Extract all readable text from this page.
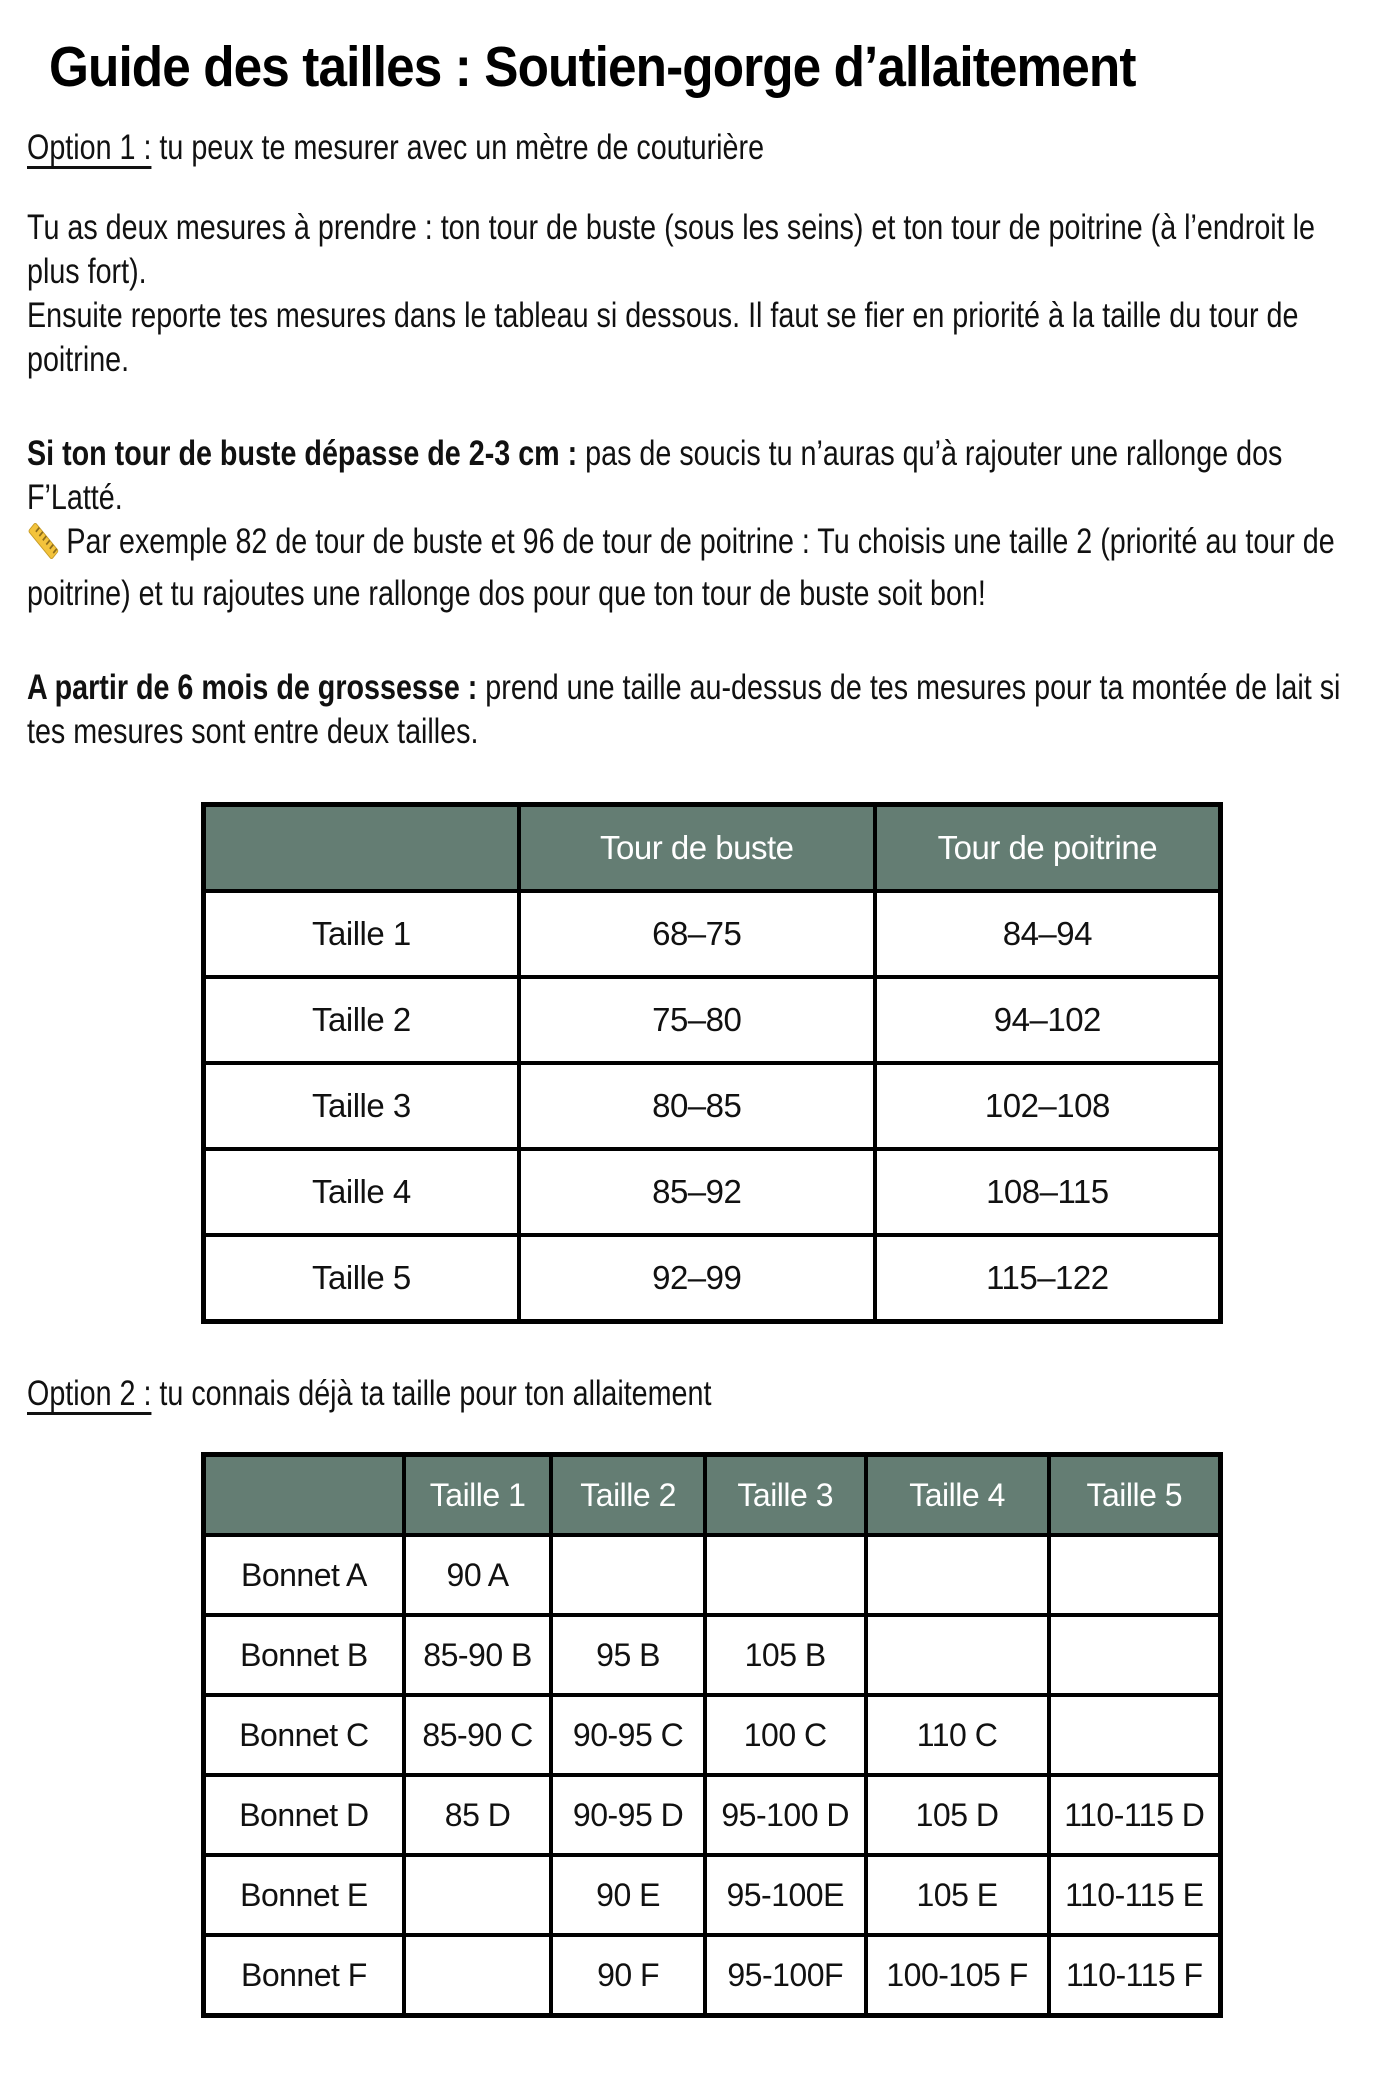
Guide des tailles : Soutien-gorge d’allaitement

Option 1 : tu peux te mesurer avec un mètre de couturière

Tu as deux mesures à prendre : ton tour de buste (sous les seins) et ton tour de poitrine (à l’endroit le plus fort).

Ensuite reporte tes mesures dans le tableau si dessous. Il faut se fier en priorité à la taille du tour de poitrine.

Si ton tour de buste dépasse de 2-3 cm : pas de soucis tu n’auras qu’à rajouter une rallonge dos F’Latté.

Par exemple 82 de tour de buste et 96 de tour de poitrine : Tu choisis une taille 2 (priorité au tour de poitrine) et tu rajoutes une rallonge dos pour que ton tour de buste soit bon!

A partir de 6 mois de grossesse : prend une taille au-dessus de tes mesures pour ta montée de lait si tes mesures sont entre deux tailles.

	Tour de buste	Tour de poitrine
Taille 1	68–75	84–94
Taille 2	75–80	94–102
Taille 3	80–85	102–108
Taille 4	85–92	108–115
Taille 5	92–99	115–122

Option 2 : tu connais déjà ta taille pour ton allaitement

	Taille 1	Taille 2	Taille 3	Taille 4	Taille 5
Bonnet A	90 A				
Bonnet B	85-90 B	95 B	105 B		
Bonnet C	85-90 C	90-95 C	100 C	110 C	
Bonnet D	85 D	90-95 D	95-100 D	105 D	110-115 D
Bonnet E		90 E	95-100E	105 E	110-115 E
Bonnet F		90 F	95-100F	100-105 F	110-115 F
